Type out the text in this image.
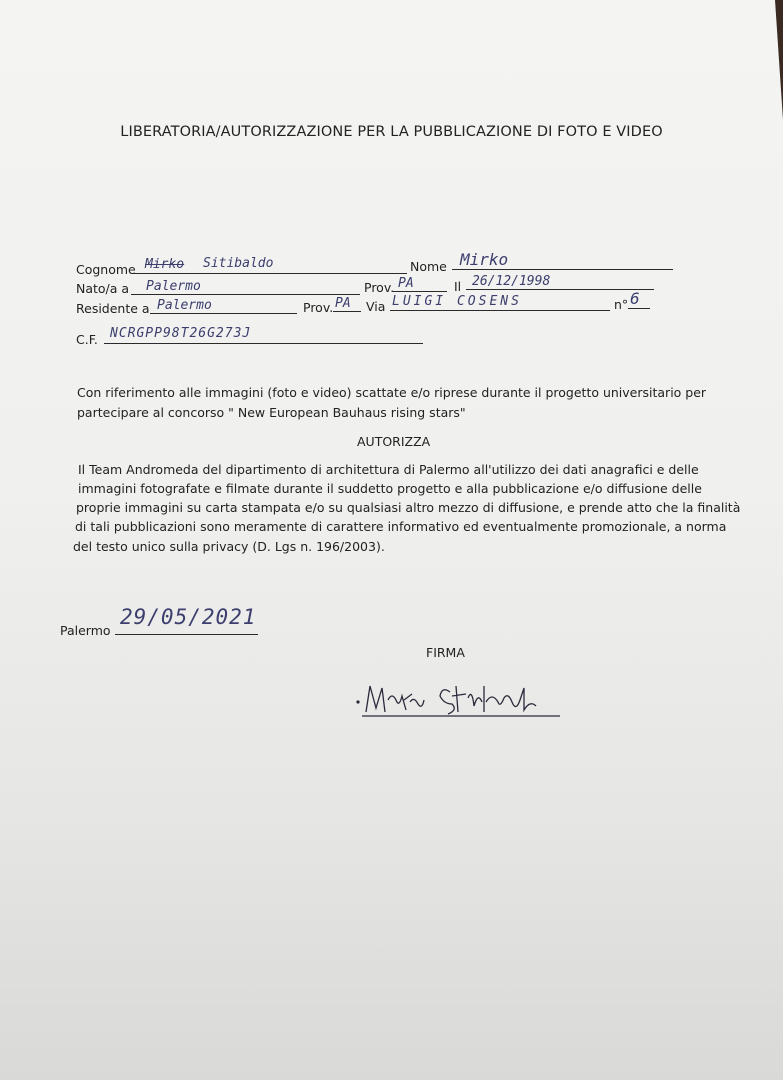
LIBERATORIA/AUTORIZZAZIONE PER LA PUBBLICAZIONE DI FOTO E VIDEO
Cognome Mirko Sitibaldo	Nome Mirko
Nato/a a Palermo	Prov. PA	Il 26/12/1998
Residente a Palermo	Prov. PA Via LUIGI COSENS	n° 6
C.F. NCRGPP98T26G273J
Con riferimento alle immagini (foto e video) scattate e/o riprese durante il progetto universitario per
partecipare al concorso " New European Bauhaus rising stars"
AUTORIZZA
Il Team Andromeda del dipartimento di architettura di Palermo all'utilizzo dei dati anagrafici e delle
immagini fotografate e filmate durante il suddetto progetto e alla pubblicazione e/o diffusione delle
proprie immagini su carta stampata e/o su qualsiasi altro mezzo di diffusione, e prende atto che la finalità
di tali pubblicazioni sono meramente di carattere informativo ed eventualmente promozionale, a norma
del testo unico sulla privacy (D. Lgs n. 196/2003).
Palermo
29/05/2021
FIRMA
